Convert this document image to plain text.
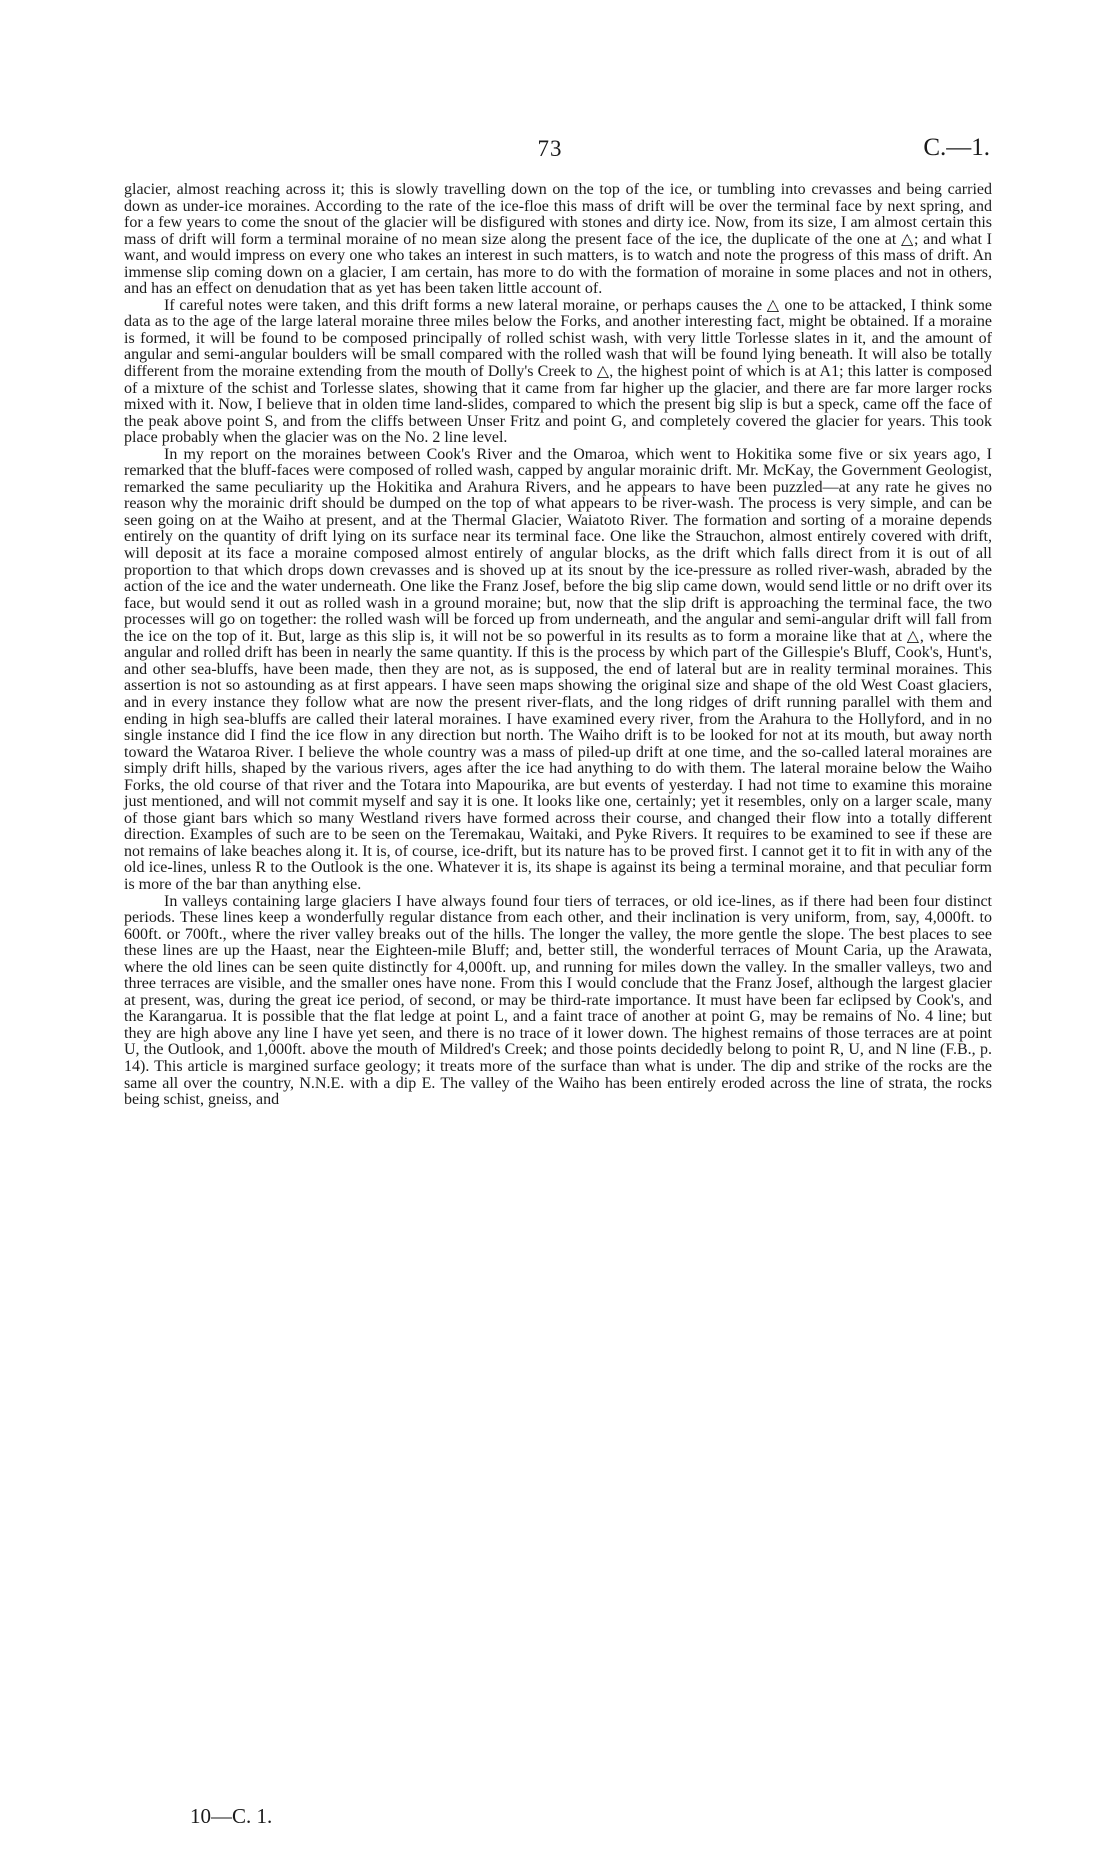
73	C.—1.

glacier, almost reaching across it; this is slowly travelling down on the top of the ice, or tumbling into crevasses and being carried down as under-ice moraines. According to the rate of the ice-floe this mass of drift will be over the terminal face by next spring, and for a few years to come the snout of the glacier will be disfigured with stones and dirty ice. Now, from its size, I am almost certain this mass of drift will form a terminal moraine of no mean size along the present face of the ice, the duplicate of the one at △; and what I want, and would impress on every one who takes an interest in such matters, is to watch and note the progress of this mass of drift. An immense slip coming down on a glacier, I am certain, has more to do with the formation of moraine in some places and not in others, and has an effect on denudation that as yet has been taken little account of.

If careful notes were taken, and this drift forms a new lateral moraine, or perhaps causes the △ one to be attacked, I think some data as to the age of the large lateral moraine three miles below the Forks, and another interesting fact, might be obtained. If a moraine is formed, it will be found to be composed principally of rolled schist wash, with very little Torlesse slates in it, and the amount of angular and semi-angular boulders will be small compared with the rolled wash that will be found lying beneath. It will also be totally different from the moraine extending from the mouth of Dolly's Creek to △, the highest point of which is at A1; this latter is composed of a mixture of the schist and Torlesse slates, showing that it came from far higher up the glacier, and there are far more larger rocks mixed with it. Now, I believe that in olden time land-slides, compared to which the present big slip is but a speck, came off the face of the peak above point S, and from the cliffs between Unser Fritz and point G, and completely covered the glacier for years. This took place probably when the glacier was on the No. 2 line level.

In my report on the moraines between Cook's River and the Omaroa, which went to Hokitika some five or six years ago, I remarked that the bluff-faces were composed of rolled wash, capped by angular morainic drift. Mr. McKay, the Government Geologist, remarked the same peculiarity up the Hokitika and Arahura Rivers, and he appears to have been puzzled—at any rate he gives no reason why the morainic drift should be dumped on the top of what appears to be river-wash. The process is very simple, and can be seen going on at the Waiho at present, and at the Thermal Glacier, Waiatoto River. The formation and sorting of a moraine depends entirely on the quantity of drift lying on its surface near its terminal face. One like the Strauchon, almost entirely covered with drift, will deposit at its face a moraine composed almost entirely of angular blocks, as the drift which falls direct from it is out of all proportion to that which drops down crevasses and is shoved up at its snout by the ice-pressure as rolled river-wash, abraded by the action of the ice and the water underneath. One like the Franz Josef, before the big slip came down, would send little or no drift over its face, but would send it out as rolled wash in a ground moraine; but, now that the slip drift is approaching the terminal face, the two processes will go on together: the rolled wash will be forced up from underneath, and the angular and semi-angular drift will fall from the ice on the top of it. But, large as this slip is, it will not be so powerful in its results as to form a moraine like that at △, where the angular and rolled drift has been in nearly the same quantity. If this is the process by which part of the Gillespie's Bluff, Cook's, Hunt's, and other sea-bluffs, have been made, then they are not, as is supposed, the end of lateral but are in reality terminal moraines. This assertion is not so astounding as at first appears. I have seen maps showing the original size and shape of the old West Coast glaciers, and in every instance they follow what are now the present river-flats, and the long ridges of drift running parallel with them and ending in high sea-bluffs are called their lateral moraines. I have examined every river, from the Arahura to the Hollyford, and in no single instance did I find the ice flow in any direction but north. The Waiho drift is to be looked for not at its mouth, but away north toward the Wataroa River. I believe the whole country was a mass of piled-up drift at one time, and the so-called lateral moraines are simply drift hills, shaped by the various rivers, ages after the ice had anything to do with them. The lateral moraine below the Waiho Forks, the old course of that river and the Totara into Mapourika, are but events of yesterday. I had not time to examine this moraine just mentioned, and will not commit myself and say it is one. It looks like one, certainly; yet it resembles, only on a larger scale, many of those giant bars which so many Westland rivers have formed across their course, and changed their flow into a totally different direction. Examples of such are to be seen on the Teremakau, Waitaki, and Pyke Rivers. It requires to be examined to see if these are not remains of lake beaches along it. It is, of course, ice-drift, but its nature has to be proved first. I cannot get it to fit in with any of the old ice-lines, unless R to the Outlook is the one. Whatever it is, its shape is against its being a terminal moraine, and that peculiar form is more of the bar than anything else.

In valleys containing large glaciers I have always found four tiers of terraces, or old ice-lines, as if there had been four distinct periods. These lines keep a wonderfully regular distance from each other, and their inclination is very uniform, from, say, 4,000ft. to 600ft. or 700ft., where the river valley breaks out of the hills. The longer the valley, the more gentle the slope. The best places to see these lines are up the Haast, near the Eighteen-mile Bluff; and, better still, the wonderful terraces of Mount Caria, up the Arawata, where the old lines can be seen quite distinctly for 4,000ft. up, and running for miles down the valley. In the smaller valleys, two and three terraces are visible, and the smaller ones have none. From this I would conclude that the Franz Josef, although the largest glacier at present, was, during the great ice period, of second, or may be third-rate importance. It must have been far eclipsed by Cook's, and the Karangarua. It is possible that the flat ledge at point L, and a faint trace of another at point G, may be remains of No. 4 line; but they are high above any line I have yet seen, and there is no trace of it lower down. The highest remains of those terraces are at point U, the Outlook, and 1,000ft. above the mouth of Mildred's Creek; and those points decidedly belong to point R, U, and N line (F.B., p. 14). This article is margined surface geology; it treats more of the surface than what is under. The dip and strike of the rocks are the same all over the country, N.N.E. with a dip E. The valley of the Waiho has been entirely eroded across the line of strata, the rocks being schist, gneiss, and

10—C. 1.
